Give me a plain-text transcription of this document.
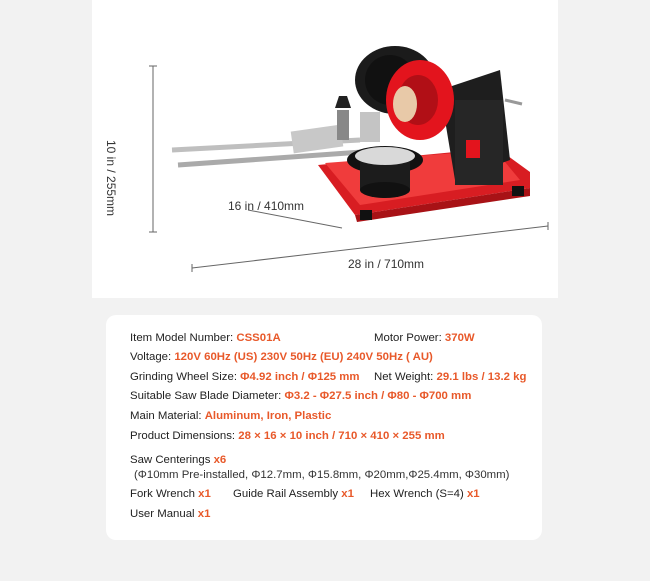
10 in / 255mm	16 in / 410mm
28 in / 710mm
Item Model Number: CSS01A	Motor Power: 370W
Voltage: 120V 60Hz (US) 230V 50Hz (EU) 240V 50Hz ( AU)
Grinding Wheel Size: Φ4.92 inch / Φ125 mm Net Weight: 29.1 lbs / 13.2 kg
Suitable Saw Blade Diameter: Φ3.2 - Φ27.5 inch / Φ80 - Φ700 mm
Main Material: Aluminum, Iron, Plastic
Product Dimensions: 28 × 16 × 10 inch / 710 × 410 × 255 mm
Saw Centerings x6
(Φ10mm Pre-installed, Φ12.7mm, Φ15.8mm, Φ20mm,Φ25.4mm, Φ30mm)
Fork Wrench x1 Guide Rail Assembly x1 Hex Wrench (S=4) x1
User Manual x1
